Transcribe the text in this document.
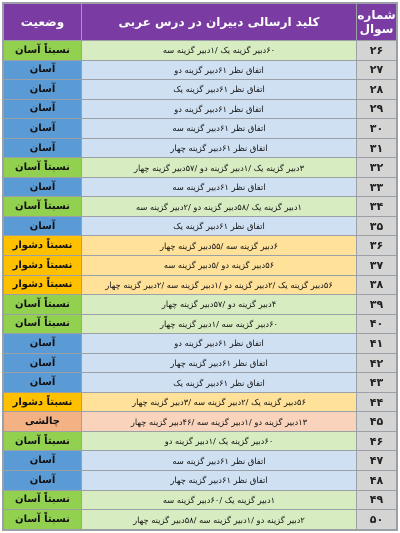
شماره سوال	کلید ارسالی دبیران در درس عربی	وضعیت
۲۶	۶۰دبیر گزینه یک /۱دبیر گزینه سه	نسبتاً آسان
۲۷	اتفاق نظر ۶۱دبیر گزینه دو	آسان
۲۸	اتفاق نظر ۶۱دبیر گزینه یک	آسان
۲۹	اتفاق نظر ۶۱دبیر گزینه دو	آسان
۳۰	اتفاق نظر ۶۱دبیر گزینه سه	آسان
۳۱	اتفاق نظر ۶۱دبیر گزینه چهار	آسان
۳۲	۳دبیر گزینه یک /۱دبیر گزینه دو /۵۷دبیر گزینه چهار	نسبتاً آسان
۳۳	اتفاق نظر ۶۱دبیر گزینه سه	آسان
۳۴	۱دبیر گزینه یک /۵۸دبیر گزینه دو /۲دبیر گزینه سه	نسبتاً آسان
۳۵	اتفاق نظر ۶۱دبیر گزینه یک	آسان
۳۶	۶دبیر گزینه سه /۵۵دبیر گزینه چهار	نسبتاً دشوار
۳۷	۵۶دبیر گزینه دو /۵دبیر گزینه سه	نسبتاً دشوار
۳۸	۵۶دبیر گزینه یک /۲دبیر گزینه دو /۱دبیر گزینه سه /۲دبیر گزینه چهار	نسبتاً دشوار
۳۹	۴دبیر گزینه دو /۵۷دبیر گزینه چهار	نسبتاً آسان
۴۰	۶۰دبیر گزینه سه /۱دبیر گزینه چهار	نسبتاً آسان
۴۱	اتفاق نظر ۶۱دبیر گزینه دو	آسان
۴۲	اتفاق نظر ۶۱دبیر گزینه چهار	آسان
۴۳	اتفاق نظر ۶۱دبیر گزینه یک	آسان
۴۴	۵۶دبیر گزینه یک /۲دبیر گزینه سه /۳دبیر گزینه چهار	نسبتاً دشوار
۴۵	۱۳دبیر گزینه دو /۱دبیر گزینه سه /۴۶دبیر گزینه چهار	چالشی
۴۶	۶۰دبیر گزینه یک /۱دبیر گزینه دو	نسبتاً آسان
۴۷	اتفاق نظر ۶۱دبیر گزینه سه	آسان
۴۸	اتفاق نظر ۶۱دبیر گزینه چهار	آسان
۴۹	۱دبیر گزینه یک /۶۰دبیر گزینه سه	نسبتاً آسان
۵۰	۲دبیر گزینه دو /۱دبیر گزینه سه /۵۸دبیر گزینه چهار	نسبتاً آسان
